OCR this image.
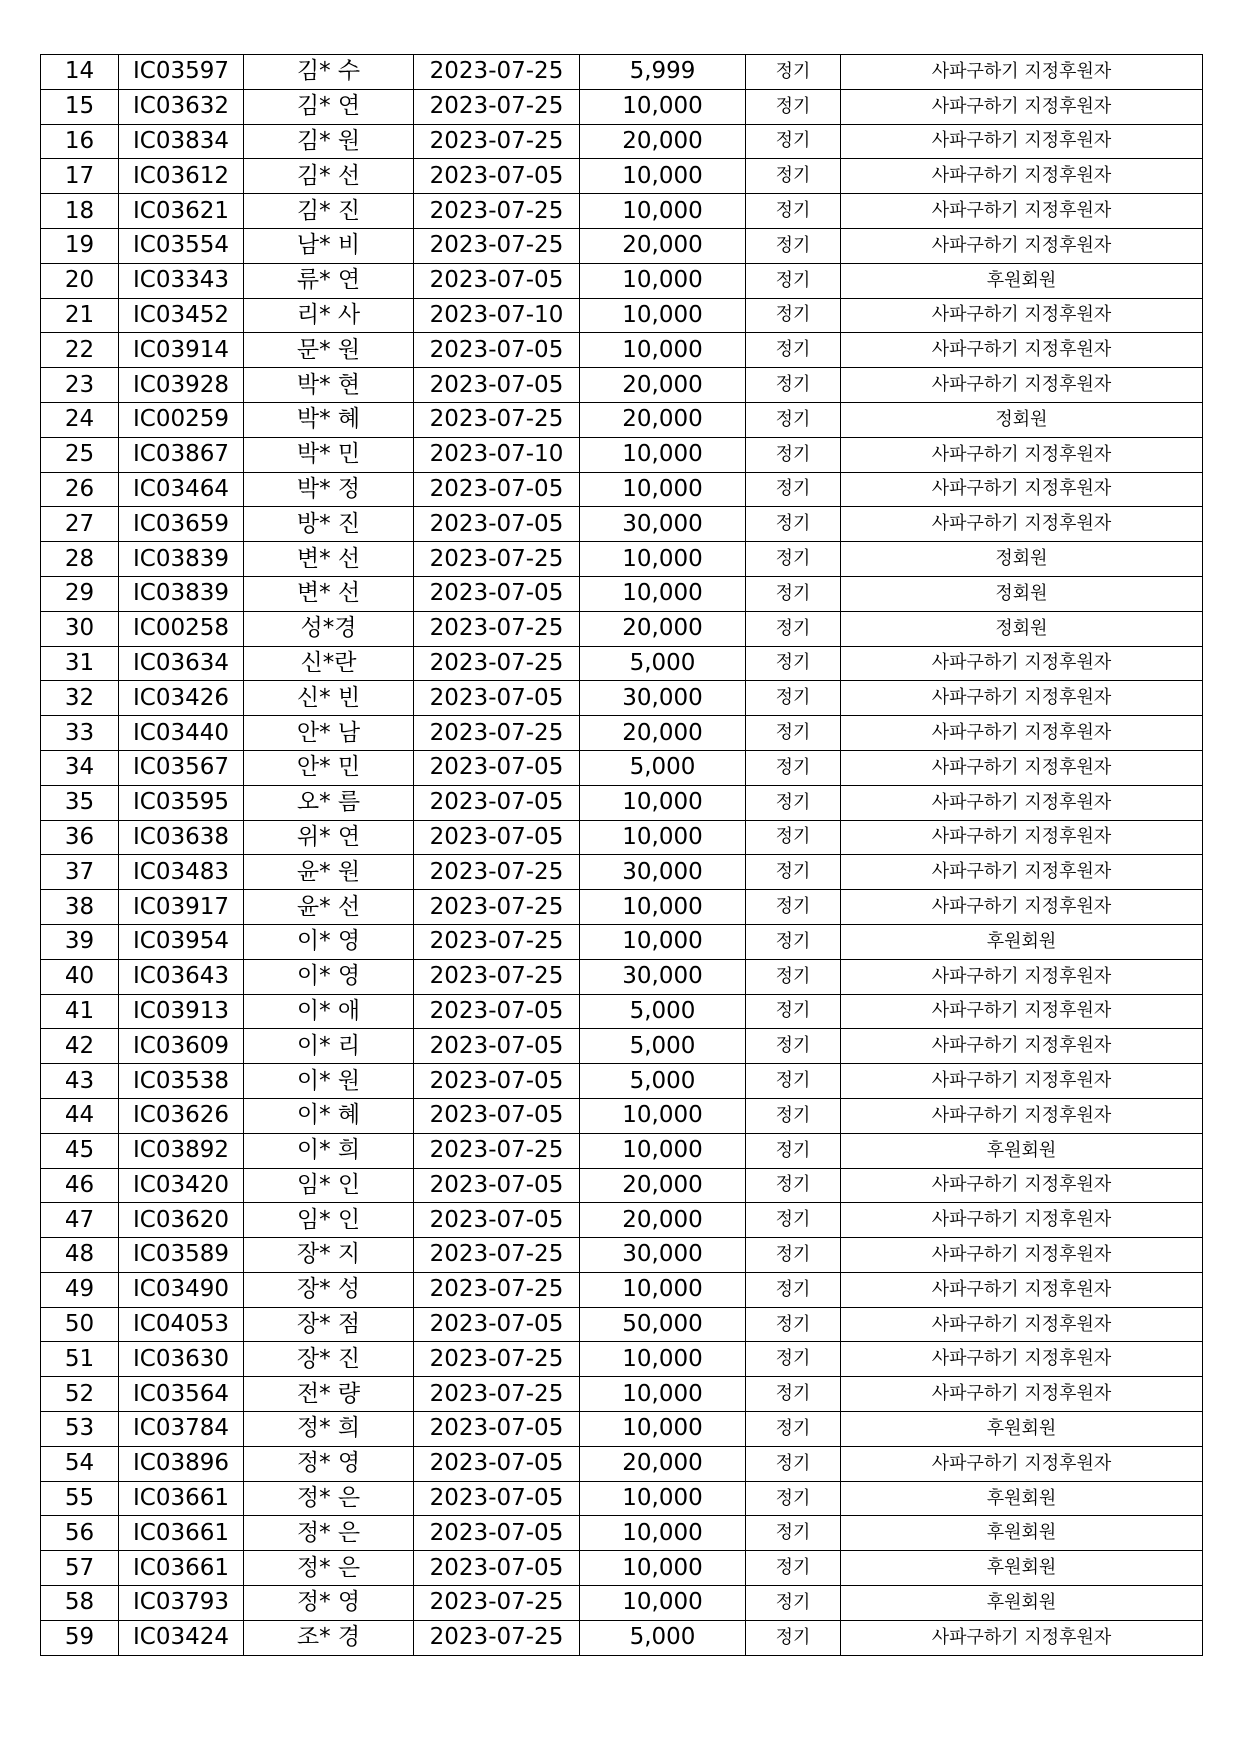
14	IC03597	김* 수	2023-07-25	5,999	정기	사파구하기 지정후원자
15	IC03632	김* 연	2023-07-25	10,000	정기	사파구하기 지정후원자
16	IC03834	김* 원	2023-07-25	20,000	정기	사파구하기 지정후원자
17	IC03612	김* 선	2023-07-05	10,000	정기	사파구하기 지정후원자
18	IC03621	김* 진	2023-07-25	10,000	정기	사파구하기 지정후원자
19	IC03554	남* 비	2023-07-25	20,000	정기	사파구하기 지정후원자
20	IC03343	류* 연	2023-07-05	10,000	정기	후원회원
21	IC03452	리* 사	2023-07-10	10,000	정기	사파구하기 지정후원자
22	IC03914	문* 원	2023-07-05	10,000	정기	사파구하기 지정후원자
23	IC03928	박* 현	2023-07-05	20,000	정기	사파구하기 지정후원자
24	IC00259	박* 혜	2023-07-25	20,000	정기	정회원
25	IC03867	박* 민	2023-07-10	10,000	정기	사파구하기 지정후원자
26	IC03464	박* 정	2023-07-05	10,000	정기	사파구하기 지정후원자
27	IC03659	방* 진	2023-07-05	30,000	정기	사파구하기 지정후원자
28	IC03839	변* 선	2023-07-25	10,000	정기	정회원
29	IC03839	변* 선	2023-07-05	10,000	정기	정회원
30	IC00258	성*경	2023-07-25	20,000	정기	정회원
31	IC03634	신*란	2023-07-25	5,000	정기	사파구하기 지정후원자
32	IC03426	신* 빈	2023-07-05	30,000	정기	사파구하기 지정후원자
33	IC03440	안* 남	2023-07-25	20,000	정기	사파구하기 지정후원자
34	IC03567	안* 민	2023-07-05	5,000	정기	사파구하기 지정후원자
35	IC03595	오* 름	2023-07-05	10,000	정기	사파구하기 지정후원자
36	IC03638	위* 연	2023-07-05	10,000	정기	사파구하기 지정후원자
37	IC03483	윤* 원	2023-07-25	30,000	정기	사파구하기 지정후원자
38	IC03917	윤* 선	2023-07-25	10,000	정기	사파구하기 지정후원자
39	IC03954	이* 영	2023-07-25	10,000	정기	후원회원
40	IC03643	이* 영	2023-07-25	30,000	정기	사파구하기 지정후원자
41	IC03913	이* 애	2023-07-05	5,000	정기	사파구하기 지정후원자
42	IC03609	이* 리	2023-07-05	5,000	정기	사파구하기 지정후원자
43	IC03538	이* 원	2023-07-05	5,000	정기	사파구하기 지정후원자
44	IC03626	이* 혜	2023-07-05	10,000	정기	사파구하기 지정후원자
45	IC03892	이* 희	2023-07-25	10,000	정기	후원회원
46	IC03420	임* 인	2023-07-05	20,000	정기	사파구하기 지정후원자
47	IC03620	임* 인	2023-07-05	20,000	정기	사파구하기 지정후원자
48	IC03589	장* 지	2023-07-25	30,000	정기	사파구하기 지정후원자
49	IC03490	장* 성	2023-07-25	10,000	정기	사파구하기 지정후원자
50	IC04053	장* 점	2023-07-05	50,000	정기	사파구하기 지정후원자
51	IC03630	장* 진	2023-07-25	10,000	정기	사파구하기 지정후원자
52	IC03564	전* 량	2023-07-25	10,000	정기	사파구하기 지정후원자
53	IC03784	정* 희	2023-07-05	10,000	정기	후원회원
54	IC03896	정* 영	2023-07-05	20,000	정기	사파구하기 지정후원자
55	IC03661	정* 은	2023-07-05	10,000	정기	후원회원
56	IC03661	정* 은	2023-07-05	10,000	정기	후원회원
57	IC03661	정* 은	2023-07-05	10,000	정기	후원회원
58	IC03793	정* 영	2023-07-25	10,000	정기	후원회원
59	IC03424	조* 경	2023-07-25	5,000	정기	사파구하기 지정후원자
